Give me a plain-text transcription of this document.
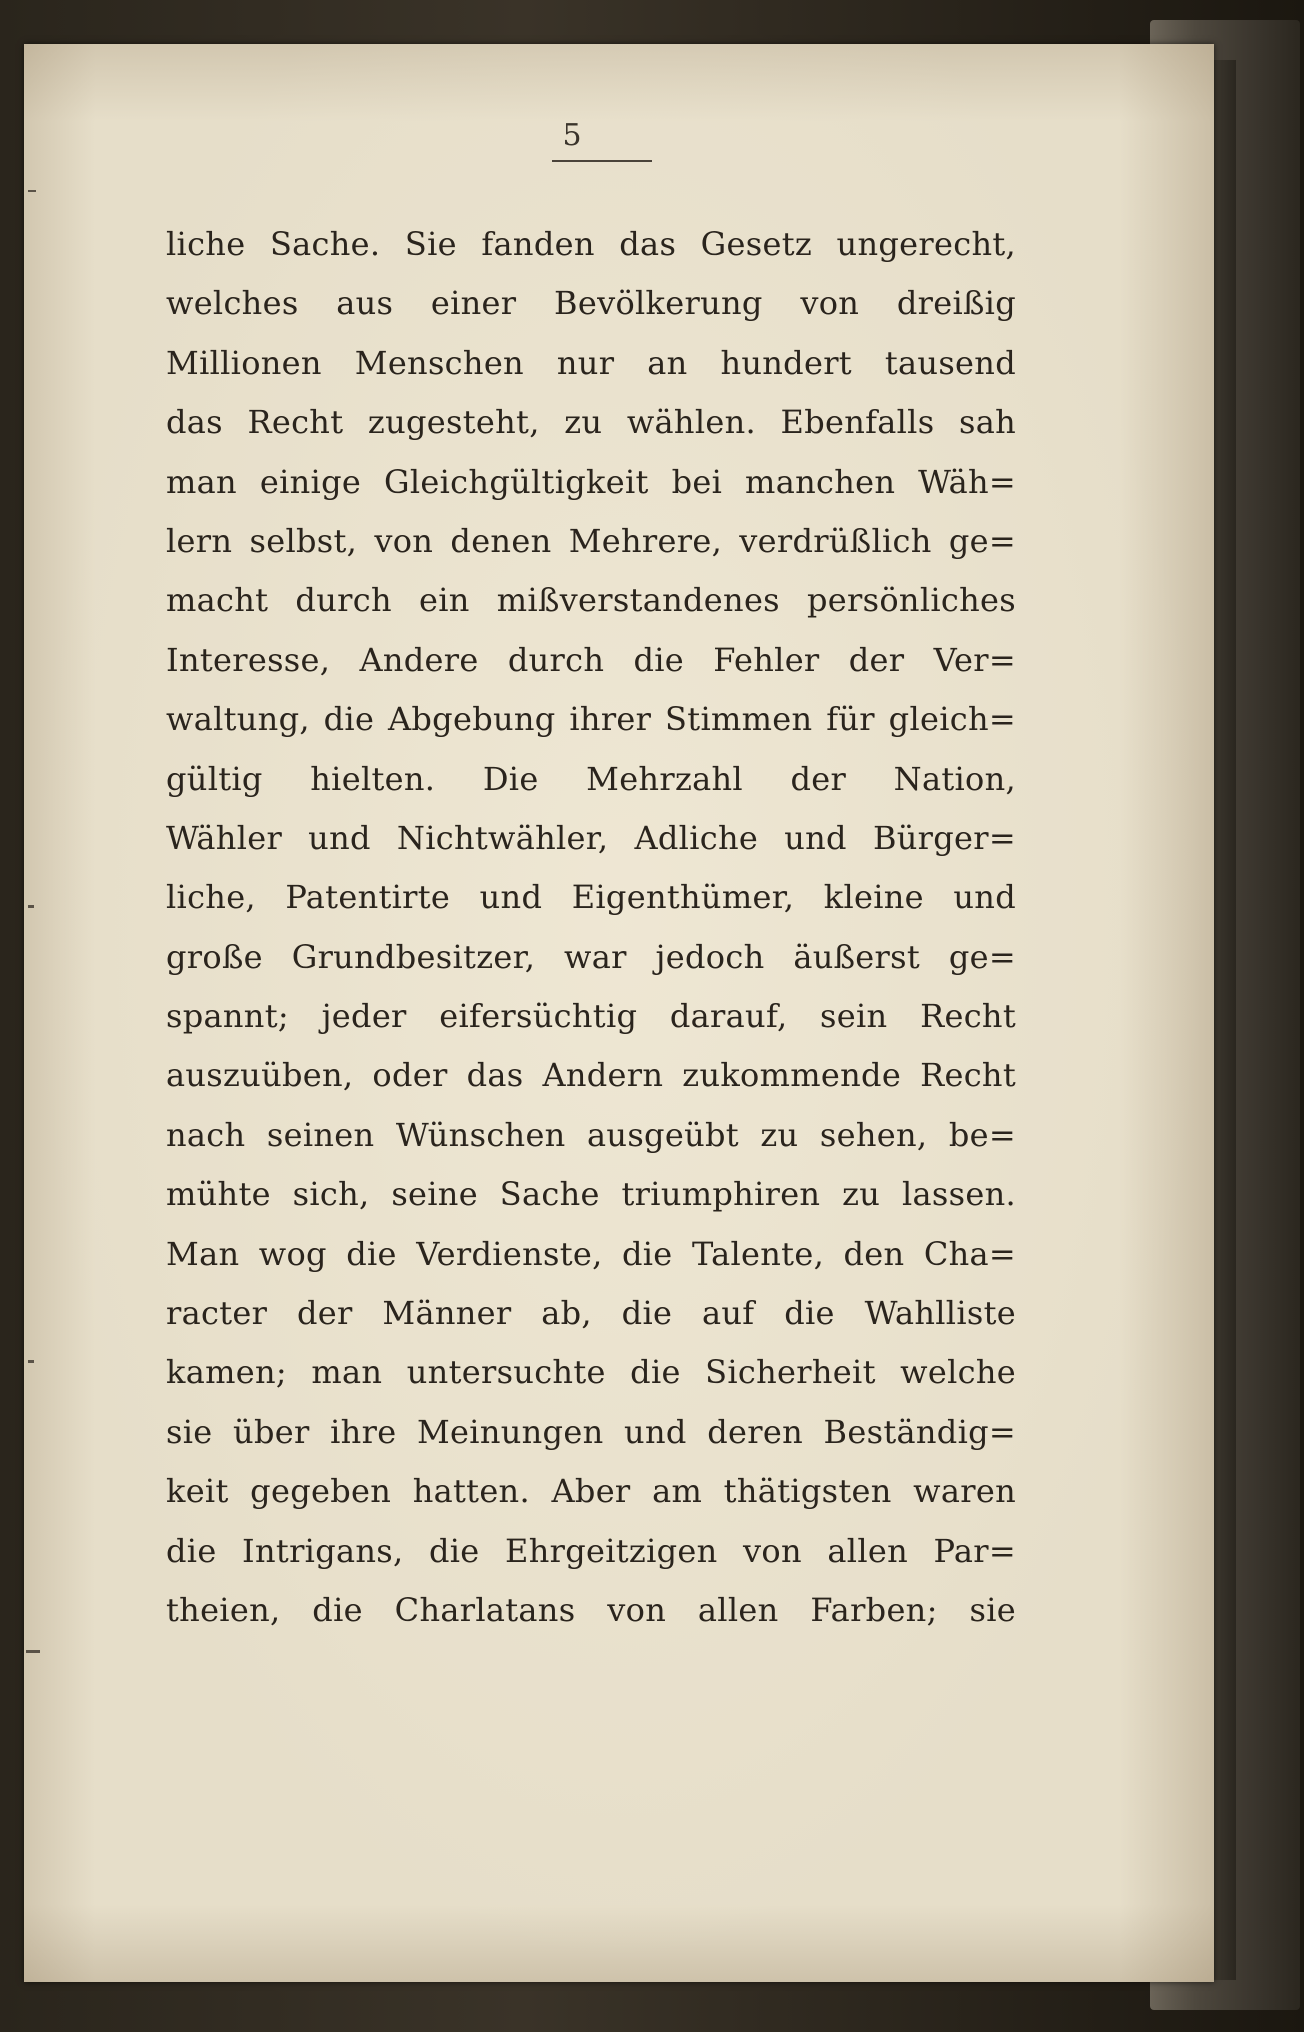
5
liche Sache. Sie fanden das Gesetz ungerecht,
welches aus einer Bevölkerung von dreißig
Millionen Menschen nur an hundert tausend
das Recht zugesteht, zu wählen. Ebenfalls sah
man einige Gleichgültigkeit bei manchen Wäh=
lern selbst, von denen Mehrere, verdrüßlich ge=
macht durch ein mißverstandenes persönliches
Interesse, Andere durch die Fehler der Ver=
waltung, die Abgebung ihrer Stimmen für gleich=
gültig hielten. Die Mehrzahl der Nation,
Wähler und Nichtwähler, Adliche und Bürger=
liche, Patentirte und Eigenthümer, kleine und
große Grundbesitzer, war jedoch äußerst ge=
spannt; jeder eifersüchtig darauf, sein Recht
auszuüben, oder das Andern zukommende Recht
nach seinen Wünschen ausgeübt zu sehen, be=
mühte sich, seine Sache triumphiren zu lassen.
Man wog die Verdienste, die Talente, den Cha=
racter der Männer ab, die auf die Wahlliste
kamen; man untersuchte die Sicherheit welche
sie über ihre Meinungen und deren Beständig=
keit gegeben hatten. Aber am thätigsten waren
die Intrigans, die Ehrgeitzigen von allen Par=
theien, die Charlatans von allen Farben; sie
